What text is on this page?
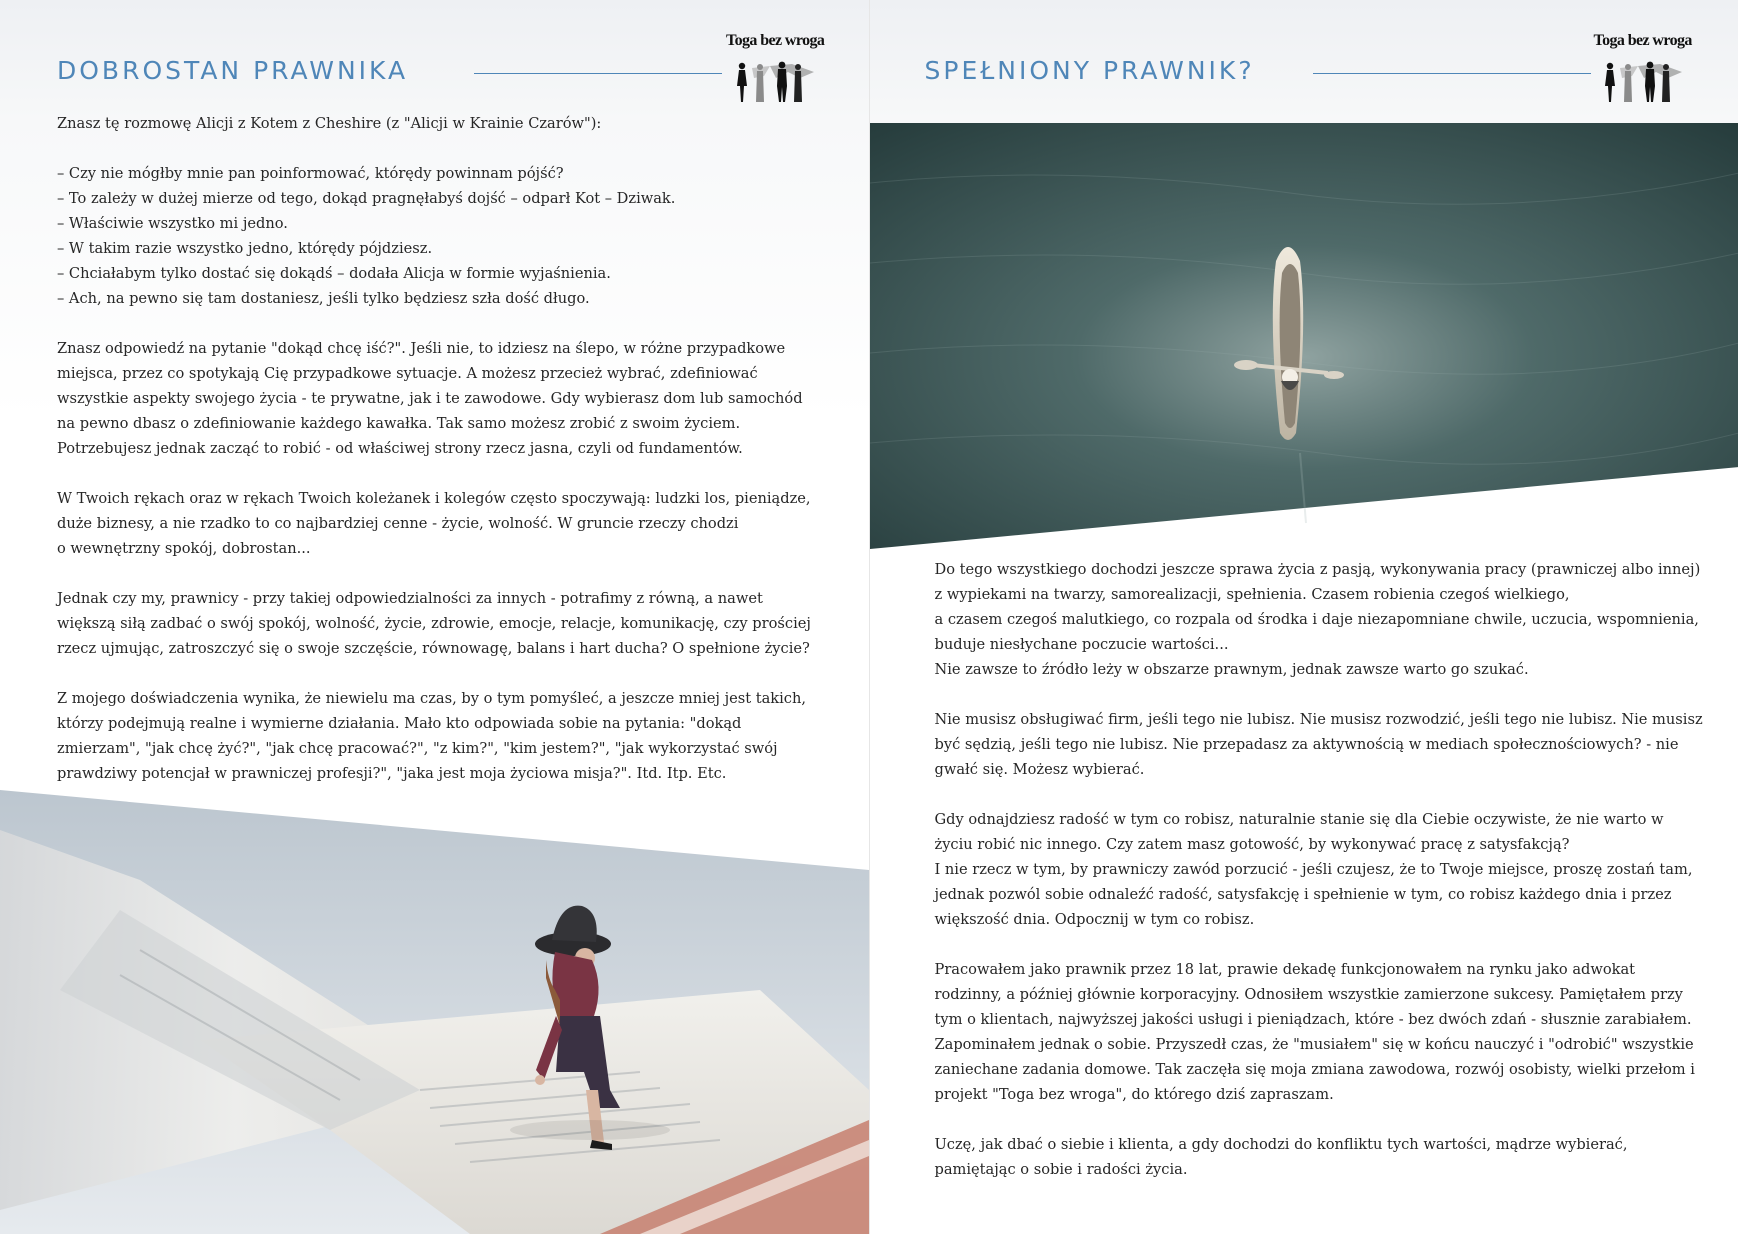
DOBROSTAN PRAWNIKA
Toga bez wroga

Znasz tę rozmowę Alicji z Kotem z Cheshire (z "Alicji w Krainie Czarów"):

– Czy nie mógłby mnie pan poinformować, którędy powinnam pójść?
– To zależy w dużej mierze od tego, dokąd pragnęłabyś dojść – odparł Kot – Dziwak.
– Właściwie wszystko mi jedno.
– W takim razie wszystko jedno, którędy pójdziesz.
– Chciałabym tylko dostać się dokądś – dodała Alicja w formie wyjaśnienia.
– Ach, na pewno się tam dostaniesz, jeśli tylko będziesz szła dość długo.

Znasz odpowiedź na pytanie "dokąd chcę iść?". Jeśli nie, to idziesz na ślepo, w różne przypadkowe
miejsca, przez co spotykają Cię przypadkowe sytuacje. A możesz przecież wybrać, zdefiniować
wszystkie aspekty swojego życia - te prywatne, jak i te zawodowe. Gdy wybierasz dom lub samochód
na pewno dbasz o zdefiniowanie każdego kawałka. Tak samo możesz zrobić z swoim życiem.
Potrzebujesz jednak zacząć to robić - od właściwej strony rzecz jasna, czyli od fundamentów.

W Twoich rękach oraz w rękach Twoich koleżanek i kolegów często spoczywają: ludzki los, pieniądze,
duże biznesy, a nie rzadko to co najbardziej cenne - życie, wolność. W gruncie rzeczy chodzi
o wewnętrzny spokój, dobrostan...

Jednak czy my, prawnicy - przy takiej odpowiedzialności za innych - potrafimy z równą, a nawet
większą siłą zadbać o swój spokój, wolność, życie, zdrowie, emocje, relacje, komunikację, czy prościej
rzecz ujmując, zatroszczyć się o swoje szczęście, równowagę, balans i hart ducha? O spełnione życie?

Z mojego doświadczenia wynika, że niewielu ma czas, by o tym pomyśleć, a jeszcze mniej jest takich,
którzy podejmują realne i wymierne działania. Mało kto odpowiada sobie na pytania: "dokąd
zmierzam", "jak chcę żyć?", "jak chcę pracować?", "z kim?", "kim jestem?", "jak wykorzystać swój
prawdziwy potencjał w prawniczej profesji?", "jaka jest moja życiowa misja?". Itd. Itp. Etc.

SPEŁNIONY PRAWNIK?
Toga bez wroga

Do tego wszystkiego dochodzi jeszcze sprawa życia z pasją, wykonywania pracy (prawniczej albo innej)
z wypiekami na twarzy, samorealizacji, spełnienia. Czasem robienia czegoś wielkiego,
a czasem czegoś malutkiego, co rozpala od środka i daje niezapomniane chwile, uczucia, wspomnienia,
buduje niesłychane poczucie wartości...
Nie zawsze to źródło leży w obszarze prawnym, jednak zawsze warto go szukać.

Nie musisz obsługiwać firm, jeśli tego nie lubisz. Nie musisz rozwodzić, jeśli tego nie lubisz. Nie musisz
być sędzią, jeśli tego nie lubisz. Nie przepadasz za aktywnością w mediach społecznościowych? - nie
gwałć się. Możesz wybierać.

Gdy odnajdziesz radość w tym co robisz, naturalnie stanie się dla Ciebie oczywiste, że nie warto w
życiu robić nic innego. Czy zatem masz gotowość, by wykonywać pracę z satysfakcją?
I nie rzecz w tym, by prawniczy zawód porzucić - jeśli czujesz, że to Twoje miejsce, proszę zostań tam,
jednak pozwól sobie odnaleźć radość, satysfakcję i spełnienie w tym, co robisz każdego dnia i przez
większość dnia. Odpocznij w tym co robisz.

Pracowałem jako prawnik przez 18 lat, prawie dekadę funkcjonowałem na rynku jako adwokat
rodzinny, a później głównie korporacyjny. Odnosiłem wszystkie zamierzone sukcesy. Pamiętałem przy
tym o klientach, najwyższej jakości usługi i pieniądzach, które - bez dwóch zdań - słusznie zarabiałem.
Zapominałem jednak o sobie. Przyszedł czas, że "musiałem" się w końcu nauczyć i "odrobić" wszystkie
zaniechane zadania domowe. Tak zaczęła się moja zmiana zawodowa, rozwój osobisty, wielki przełom i
projekt "Toga bez wroga", do którego dziś zapraszam.

Uczę, jak dbać o siebie i klienta, a gdy dochodzi do konfliktu tych wartości, mądrze wybierać,
pamiętając o sobie i radości życia.
